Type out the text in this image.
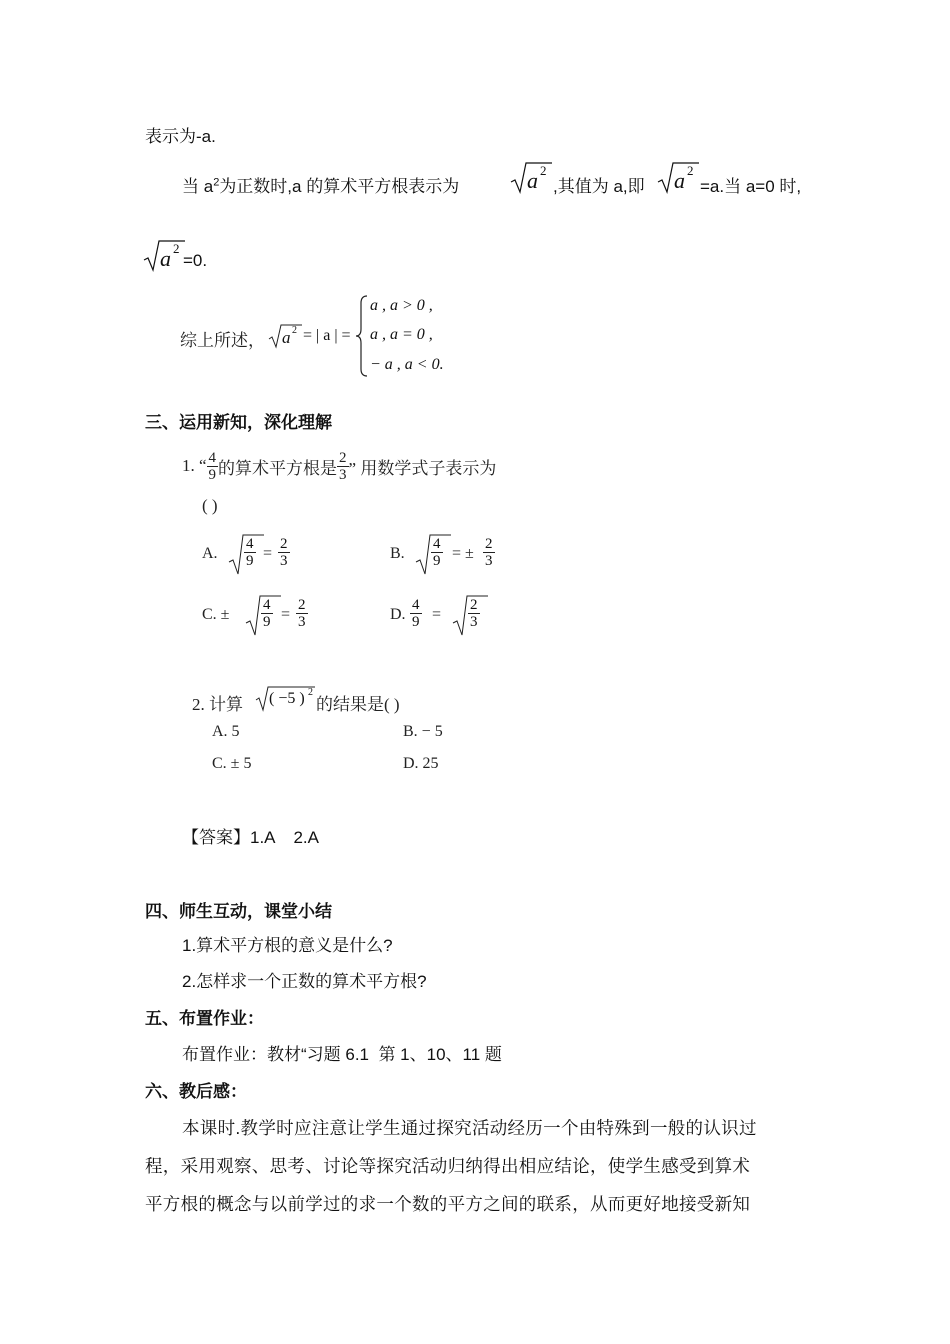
表示为-a.
当 $a^2$为正数时,a 的算术平方根表示为	a 2
,其值为 a,即 a 2
=a.当 a=0 时,
a 2
=0.
综上所述， a 2 = | a | =
a , a > 0 ,
a , a = 0 ,
− a , a < 0.
三、运用新知，深化理解
1. “ $\frac{4}{9}$ 的算术平方根是 $\frac{2}{3}$ ” 用数学式子表示为
( )
A. $\frac{4}{9} = \frac{2}{3}$	B. $\frac{4}{9}$ = ± $\frac{2}{3}$
C. ± $\frac{4}{9} = \frac{2}{3}$	D. $\frac{4}{9} = \frac{2}{3}$
2. 计算 ( −5 ) 2
的结果是( )
A. 5	B. − 5
C. ± 5	D. 25
【答案】1.A    2.A
四、师生互动，课堂小结
1.算术平方根的意义是什么?
2.怎样求一个正数的算术平方根?
五、布置作业：
布置作业：教材“习题 6.1  第 1、10、11 题
六、教后感：
本课时.教学时应注意让学生通过探究活动经历一个由特殊到一般的认识过
程，采用观察、思考、讨论等探究活动归纳得出相应结论，使学生感受到算术
平方根的概念与以前学过的求一个数的平方之间的联系，从而更好地接受新知
